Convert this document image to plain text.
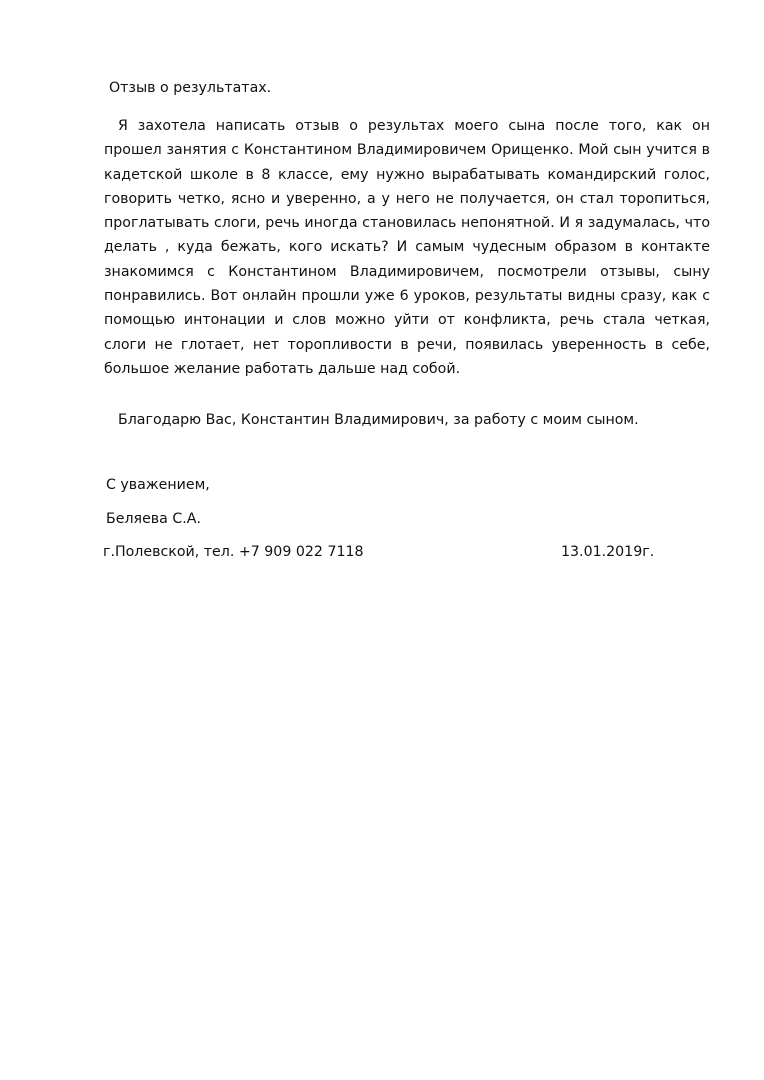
Отзыв о результатах.

Я захотела написать отзыв о результах моего сына после того, как он прошел занятия с Константином Владимировичем Орищенко. Мой сын учится в кадетской школе в 8 классе, ему нужно вырабатывать командирский голос, говорить четко, ясно и уверенно, а у него не получается, он стал торопиться, проглатывать слоги, речь иногда становилась непонятной. И я задумалась, что делать , куда бежать, кого искать? И самым чудесным образом в контакте знакомимся с Константином Владимировичем, посмотрели отзывы, сыну понравились. Вот онлайн прошли уже 6 уроков, результаты видны сразу, как с помощью интонации и слов можно уйти от конфликта, речь стала четкая, слоги не глотает, нет торопливости в речи, появилась уверенность в себе, большое желание работать дальше над собой.

Благодарю Вас, Константин Владимирович, за работу с моим сыном.
С уважением,
Беляева С.А.
г.Полевской, тел. +7 909 022 7118	13.01.2019г.
